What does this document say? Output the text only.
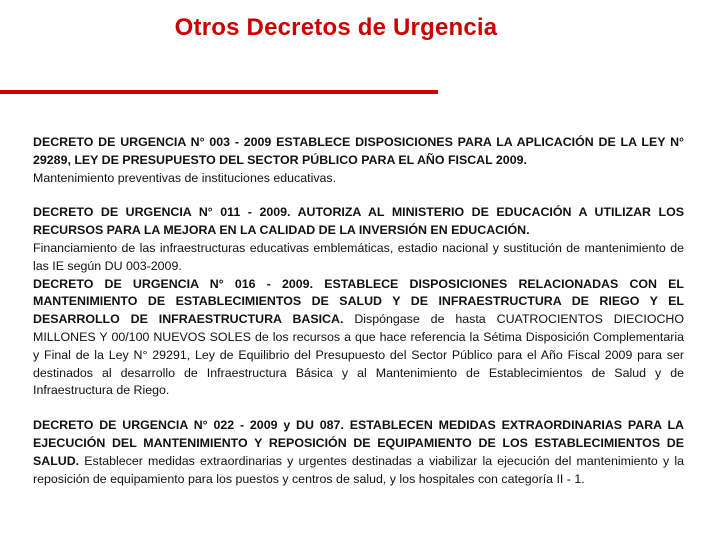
Otros Decretos de Urgencia
DECRETO DE URGENCIA N° 003 - 2009 ESTABLECE DISPOSICIONES PARA LA APLICACIÓN DE LA LEY N° 29289, LEY DE PRESUPUESTO DEL SECTOR PÚBLICO PARA EL AÑO FISCAL 2009.
Mantenimiento preventivas de instituciones educativas.
DECRETO DE URGENCIA N° 011 - 2009. AUTORIZA AL MINISTERIO DE EDUCACIÓN A UTILIZAR LOS RECURSOS PARA LA MEJORA EN LA CALIDAD DE LA INVERSIÓN EN EDUCACIÓN.
Financiamiento de las infraestructuras educativas emblemáticas, estadio nacional y sustitución de mantenimiento de las IE según DU 003-2009.
DECRETO DE URGENCIA N° 016 - 2009. ESTABLECE DISPOSICIONES RELACIONADAS CON EL MANTENIMIENTO DE ESTABLECIMIENTOS DE SALUD Y DE INFRAESTRUCTURA DE RIEGO Y EL DESARROLLO DE INFRAESTRUCTURA BASICA. Dispóngase de hasta CUATROCIENTOS DIECIOCHO MILLONES Y 00/100 NUEVOS SOLES de los recursos a que hace referencia la Sétima Disposición Complementaria y Final de la Ley N° 29291, Ley de Equilibrio del Presupuesto del Sector Público para el Año Fiscal 2009 para ser destinados al desarrollo de Infraestructura Básica y al Mantenimiento de Establecimientos de Salud y de Infraestructura de Riego.
DECRETO DE URGENCIA N° 022 - 2009 y DU 087. ESTABLECEN MEDIDAS EXTRAORDINARIAS PARA LA EJECUCIÓN DEL MANTENIMIENTO Y REPOSICIÓN DE EQUIPAMIENTO DE LOS ESTABLECIMIENTOS DE SALUD. Establecer medidas extraordinarias y urgentes destinadas a viabilizar la ejecución del mantenimiento y la reposición de equipamiento para los puestos y centros de salud, y los hospitales con categoría II - 1.
